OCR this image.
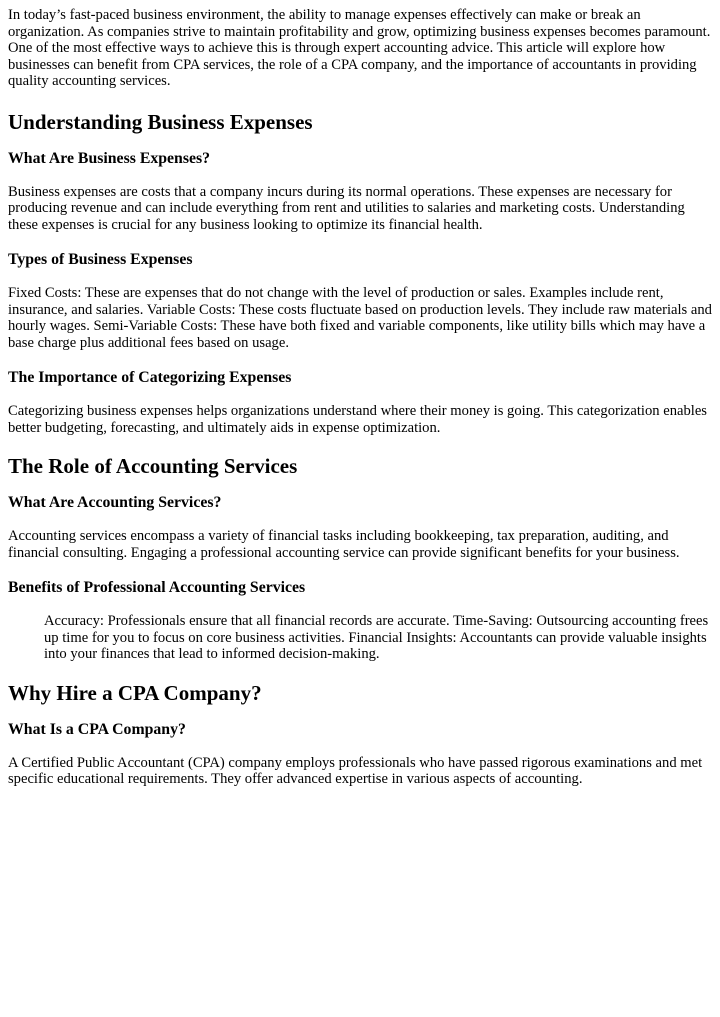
In today’s fast-paced business environment, the ability to manage expenses effectively can make or break an organization. As companies strive to maintain profitability and grow, optimizing business expenses becomes paramount. One of the most effective ways to achieve this is through expert accounting advice. This article will explore how businesses can benefit from CPA services, the role of a CPA company, and the importance of accountants in providing quality accounting services.

Understanding Business Expenses
What Are Business Expenses?

Business expenses are costs that a company incurs during its normal operations. These expenses are necessary for producing revenue and can include everything from rent and utilities to salaries and marketing costs. Understanding these expenses is crucial for any business looking to optimize its financial health.

Types of Business Expenses

Fixed Costs: These are expenses that do not change with the level of production or sales. Examples include rent, insurance, and salaries. Variable Costs: These costs fluctuate based on production levels. They include raw materials and hourly wages. Semi-Variable Costs: These have both fixed and variable components, like utility bills which may have a base charge plus additional fees based on usage.

The Importance of Categorizing Expenses

Categorizing business expenses helps organizations understand where their money is going. This categorization enables better budgeting, forecasting, and ultimately aids in expense optimization.

The Role of Accounting Services
What Are Accounting Services?

Accounting services encompass a variety of financial tasks including bookkeeping, tax preparation, auditing, and financial consulting. Engaging a professional accounting service can provide significant benefits for your business.

Benefits of Professional Accounting Services

Accuracy: Professionals ensure that all financial records are accurate. Time-Saving: Outsourcing accounting frees up time for you to focus on core business activities. Financial Insights: Accountants can provide valuable insights into your finances that lead to informed decision-making.

Why Hire a CPA Company?
What Is a CPA Company?

A Certified Public Accountant (CPA) company employs professionals who have passed rigorous examinations and met specific educational requirements. They offer advanced expertise in various aspects of accounting.
